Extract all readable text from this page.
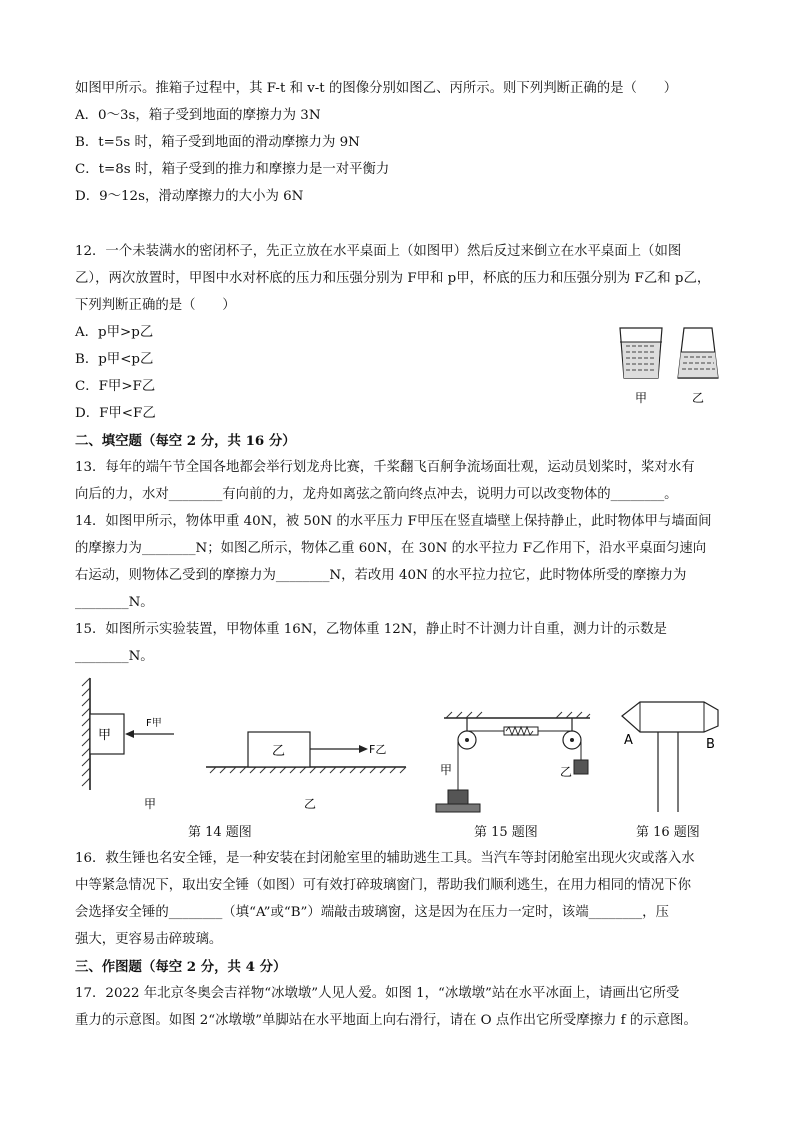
如图甲所示。推箱子过程中，其 F-t 和 v-t 的图像分别如图乙、丙所示。则下列判断正确的是（　　）
A．0～3s，箱子受到地面的摩擦力为 3N
B．t=5s 时，箱子受到地面的滑动摩擦力为 9N
C．t=8s 时，箱子受到的推力和摩擦力是一对平衡力
D．9～12s，滑动摩擦力的大小为 6N
12．一个未装满水的密闭杯子，先正立放在水平桌面上（如图甲）然后反过来倒立在水平桌面上（如图
乙），两次放置时，甲图中水对杯底的压力和压强分别为 F甲和 p甲，杯底的压力和压强分别为 F乙和 p乙，
下列判断正确的是（　　）
A．p甲>p乙
B．p甲<p乙
C．F甲>F乙
D．F甲<F乙
甲	乙
二、填空题（每空 2 分，共 16 分）
13．每年的端午节全国各地都会举行划龙舟比赛，千桨翻飞百舸争流场面壮观，运动员划桨时，桨对水有
向后的力，水对________有向前的力，龙舟如离弦之箭向终点冲去，说明力可以改变物体的________。
14．如图甲所示，物体甲重 40N，被 50N 的水平压力 F甲压在竖直墙壁上保持静止，此时物体甲与墙面间
的摩擦力为________N；如图乙所示，物体乙重 60N，在 30N 的水平拉力 F乙作用下，沿水平桌面匀速向
右运动，则物体乙受到的摩擦力为________N，若改用 40N 的水平拉力拉它，此时物体所受的摩擦力为
________N。
15．如图所示实验装置，甲物体重 16N，乙物体重 12N，静止时不计测力计自重，测力计的示数是
________N。
甲
F甲
甲
乙	F乙
乙
第 14 题图
甲	乙
第 15 题图
A	B
第 16 题图
16．救生锤也名安全锤，是一种安装在封闭舱室里的辅助逃生工具。当汽车等封闭舱室出现火灾或落入水
中等紧急情况下，取出安全锤（如图）可有效打碎玻璃窗门，帮助我们顺利逃生，在用力相同的情况下你
会选择安全锤的________（填“A”或“B”）端敲击玻璃窗，这是因为在压力一定时，该端________，压
强大，更容易击碎玻璃。
三、作图题（每空 2 分，共 4 分）
17．2022 年北京冬奥会吉祥物“冰墩墩”人见人爱。如图 1，“冰墩墩”站在水平冰面上，请画出它所受
重力的示意图。如图 2“冰墩墩”单脚站在水平地面上向右滑行，请在 O 点作出它所受摩擦力 f 的示意图。
